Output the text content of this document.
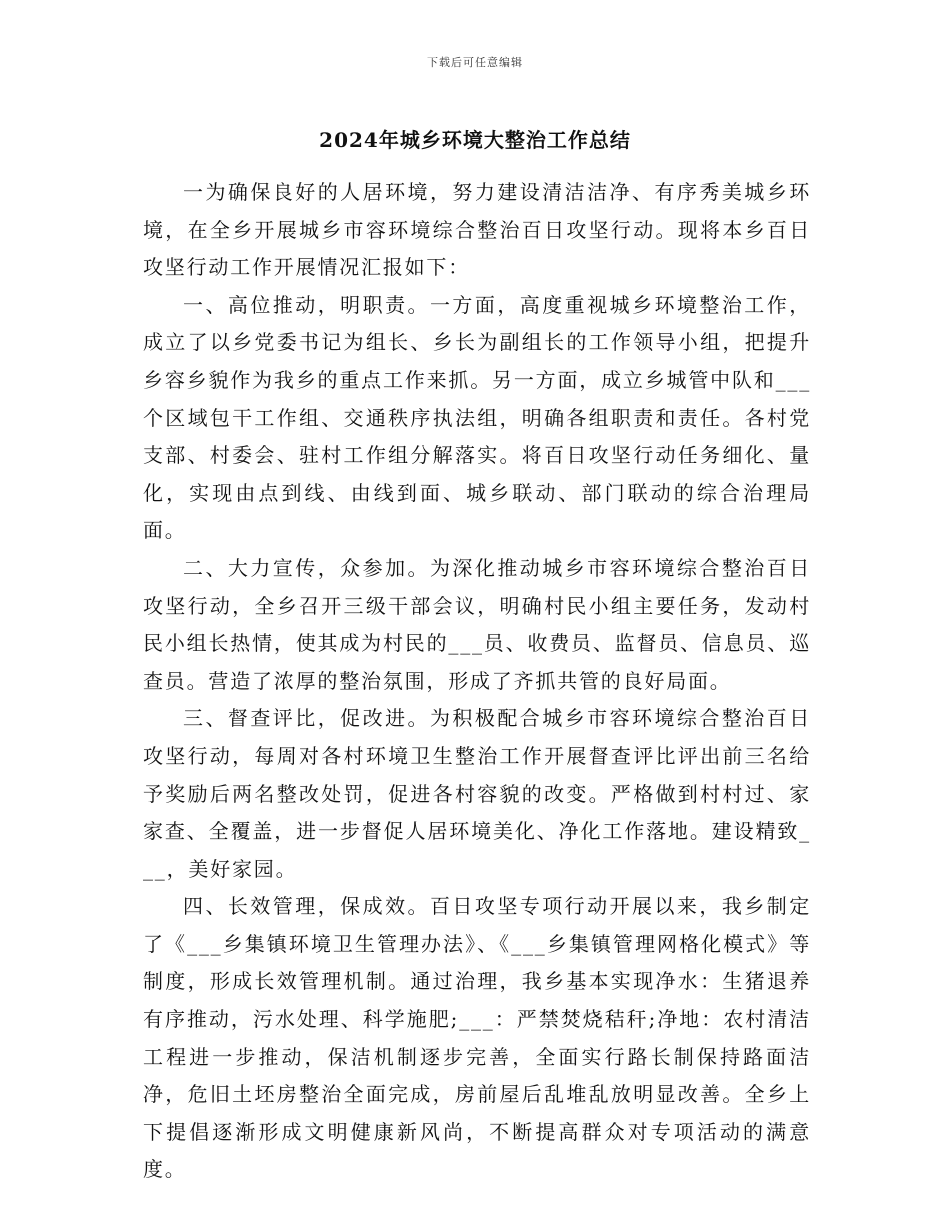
下载后可任意编辑
2024年城乡环境大整治工作总结

一为确保良好的人居环境，努力建设清洁洁净、有序秀美城乡环境，在全乡开展城乡市容环境综合整治百日攻坚行动。现将本乡百日攻坚行动工作开展情况汇报如下：

一、高位推动，明职责。一方面，高度重视城乡环境整治工作，成立了以乡党委书记为组长、乡长为副组长的工作领导小组，把提升乡容乡貌作为我乡的重点工作来抓。另一方面，成立乡城管中队和___个区域包干工作组、交通秩序执法组，明确各组职责和责任。各村党支部、村委会、驻村工作组分解落实。将百日攻坚行动任务细化、量化，实现由点到线、由线到面、城乡联动、部门联动的综合治理局面。

二、大力宣传，众参加。为深化推动城乡市容环境综合整治百日攻坚行动，全乡召开三级干部会议，明确村民小组主要任务，发动村民小组长热情，使其成为村民的___员、收费员、监督员、信息员、巡查员。营造了浓厚的整治氛围，形成了齐抓共管的良好局面。

三、督查评比，促改进。为积极配合城乡市容环境综合整治百日攻坚行动，每周对各村环境卫生整治工作开展督查评比评出前三名给予奖励后两名整改处罚，促进各村容貌的改变。严格做到村村过、家家查、全覆盖，进一步督促人居环境美化、净化工作落地。建设精致___，美好家园。

四、长效管理，保成效。百日攻坚专项行动开展以来，我乡制定了《___乡集镇环境卫生管理办法》、《___乡集镇管理网格化模式》等制度，形成长效管理机制。通过治理，我乡基本实现净水：生猪退养有序推动，污水处理、科学施肥;___：严禁焚烧秸秆;净地：农村清洁工程进一步推动，保洁机制逐步完善，全面实行路长制保持路面洁净，危旧土坯房整治全面完成，房前屋后乱堆乱放明显改善。全乡上下提倡逐渐形成文明健康新风尚，不断提高群众对专项活动的满意度。
